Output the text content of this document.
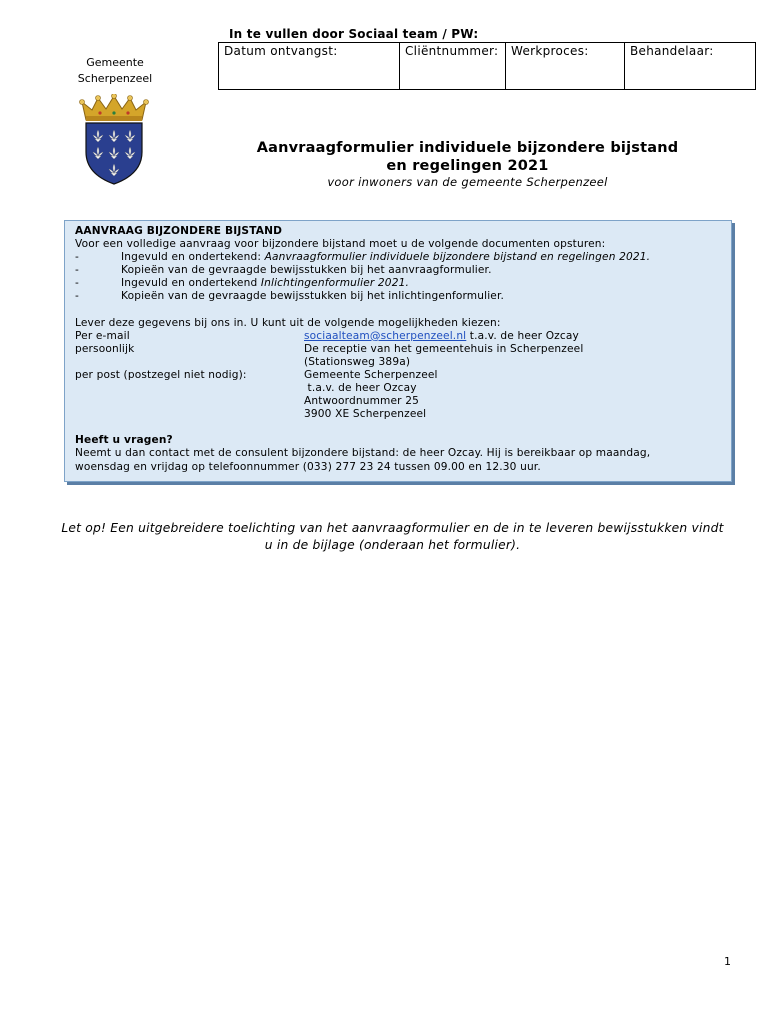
In te vullen door Sociaal team / PW:
Datum ontvangst:	Cliëntnummer:	Werkproces:	Behandelaar:
Gemeente
Scherpenzeel
Aanvraagformulier individuele bijzondere bijstand
en regelingen 2021
voor inwoners van de gemeente Scherpenzeel
AANVRAAG BIJZONDERE BIJSTAND
Voor een volledige aanvraag voor bijzondere bijstand moet u de volgende documenten opsturen:
-	Ingevuld en ondertekend: Aanvraagformulier individuele bijzondere bijstand en regelingen 2021.
-	Kopieën van de gevraagde bewijsstukken bij het aanvraagformulier.
-	Ingevuld en ondertekend Inlichtingenformulier 2021.
-	Kopieën van de gevraagde bewijsstukken bij het inlichtingenformulier.
Lever deze gegevens bij ons in. U kunt uit de volgende mogelijkheden kiezen:
Per e-mail	sociaalteam@scherpenzeel.nl t.a.v. de heer Ozcay
persoonlijk	De receptie van het gemeentehuis in Scherpenzeel
(Stationsweg 389a)
per post (postzegel niet nodig):	Gemeente Scherpenzeel
t.a.v. de heer Ozcay
Antwoordnummer 25
3900 XE Scherpenzeel
Heeft u vragen?
Neemt u dan contact met de consulent bijzondere bijstand: de heer Ozcay. Hij is bereikbaar op maandag,
woensdag en vrijdag op telefoonnummer (033) 277 23 24 tussen 09.00 en 12.30 uur.
Let op! Een uitgebreidere toelichting van het aanvraagformulier en de in te leveren bewijsstukken vindt
u in de bijlage (onderaan het formulier).
1
